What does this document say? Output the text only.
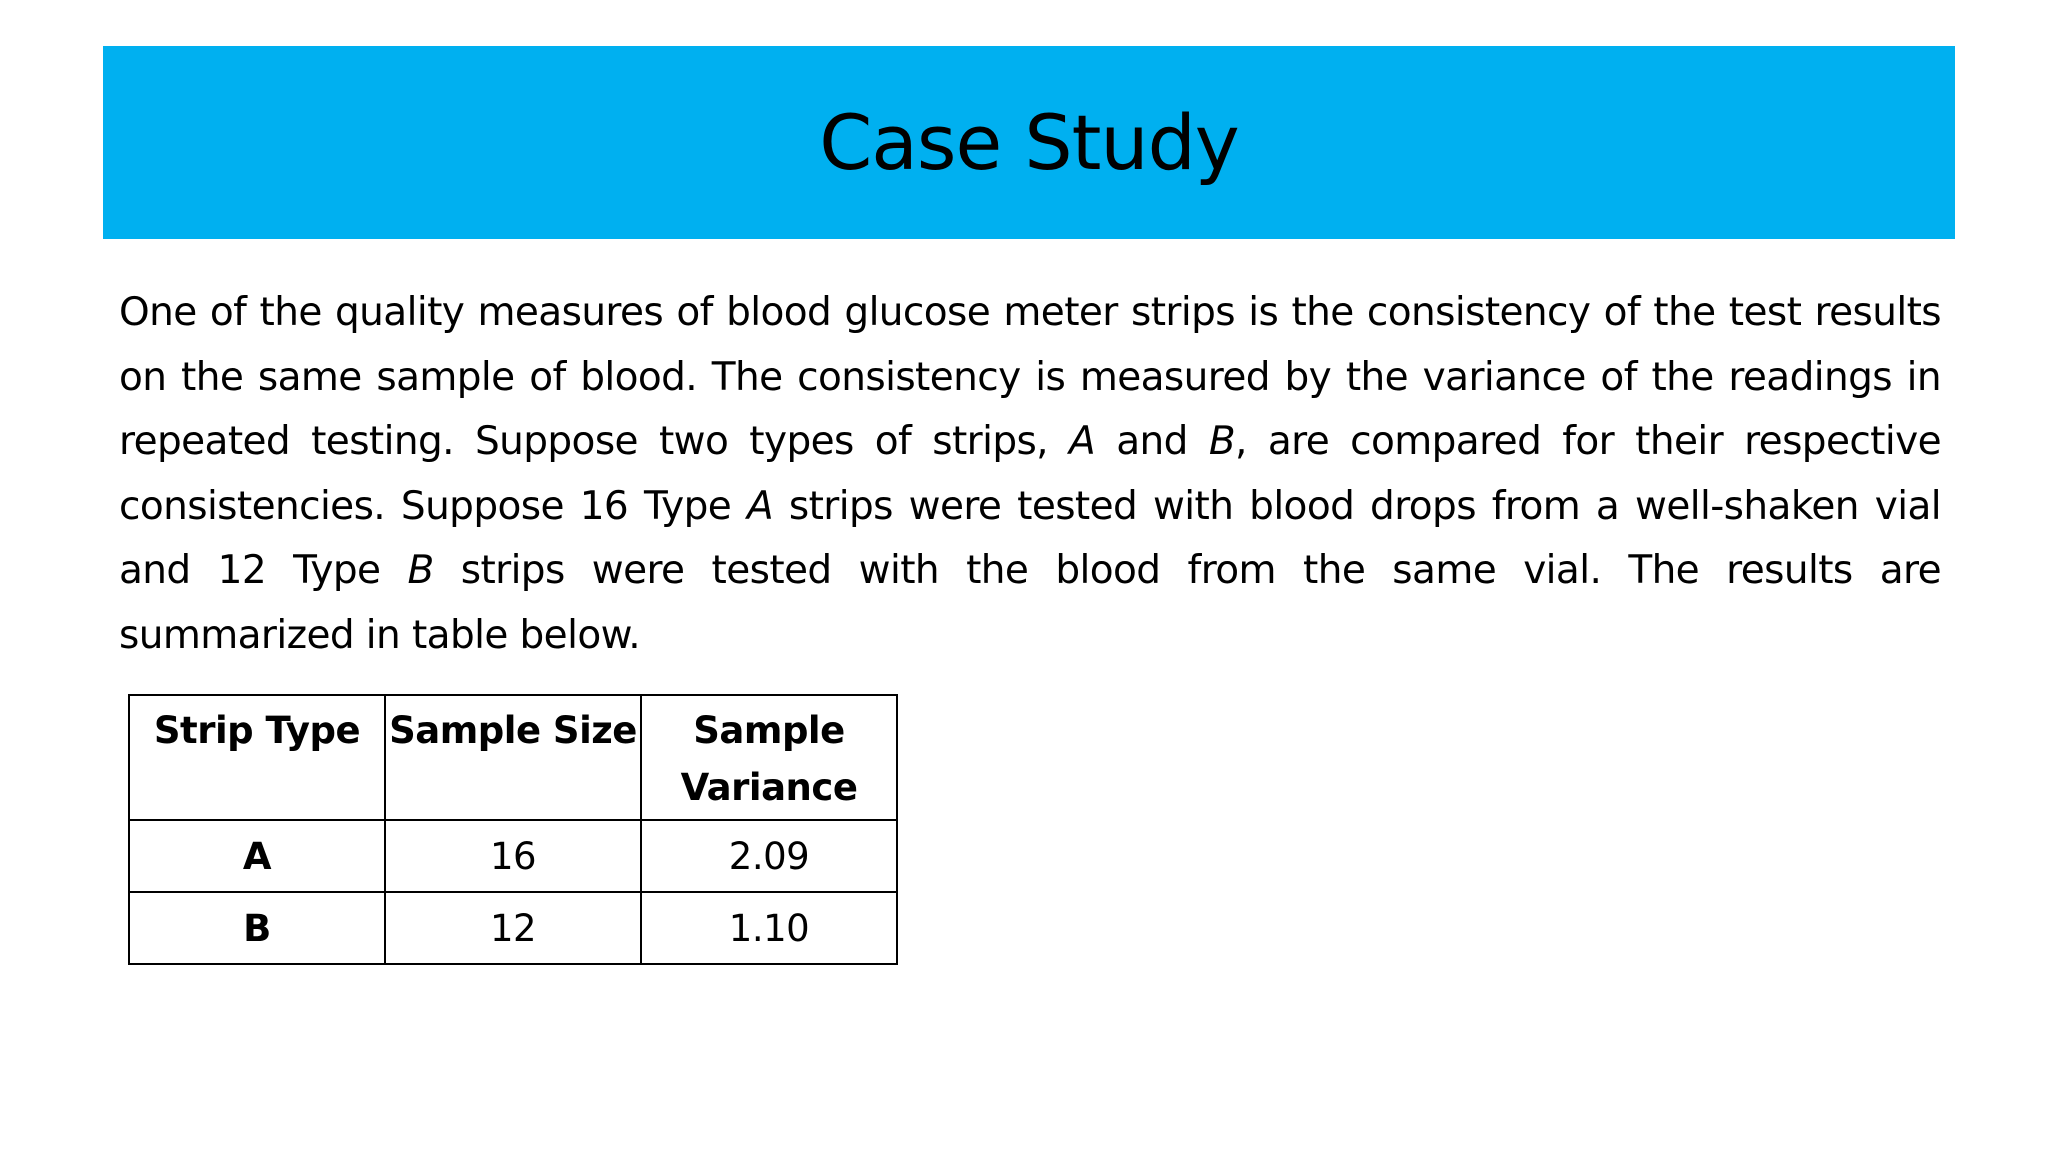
Case Study

One of the quality measures of blood glucose meter strips is the consistency of the test results on the same sample of blood. The consistency is measured by the variance of the readings in repeated testing. Suppose two types of strips, A and B, are compared for their respective consistencies. Suppose 16 Type A strips were tested with blood drops from a well-shaken vial and 12 Type B strips were tested with the blood from the same vial. The results are summarized in table below.

Strip Type	Sample Size	Sample Variance
A	16	2.09
B	12	1.10
